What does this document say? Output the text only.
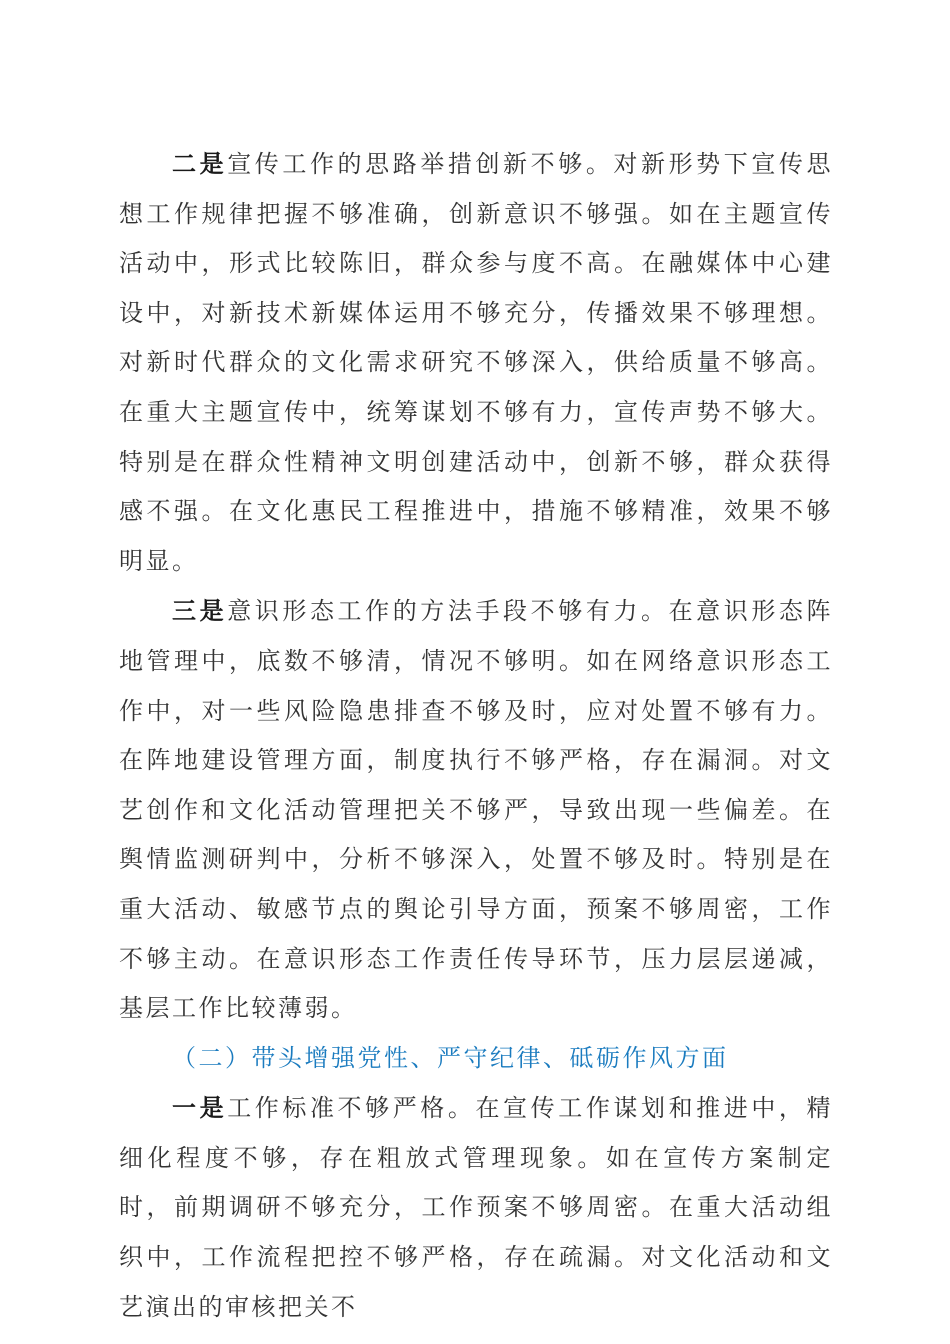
二是宣传工作的思路举措创新不够。对新形势下宣传思想工作规律把握不够准确，创新意识不够强。如在主题宣传活动中，形式比较陈旧，群众参与度不高。在融媒体中心建设中，对新技术新媒体运用不够充分，传播效果不够理想。对新时代群众的文化需求研究不够深入，供给质量不够高。在重大主题宣传中，统筹谋划不够有力，宣传声势不够大。特别是在群众性精神文明创建活动中，创新不够，群众获得感不强。在文化惠民工程推进中，措施不够精准，效果不够明显。

三是意识形态工作的方法手段不够有力。在意识形态阵地管理中，底数不够清，情况不够明。如在网络意识形态工作中，对一些风险隐患排查不够及时，应对处置不够有力。在阵地建设管理方面，制度执行不够严格，存在漏洞。对文艺创作和文化活动管理把关不够严，导致出现一些偏差。在舆情监测研判中，分析不够深入，处置不够及时。特别是在重大活动、敏感节点的舆论引导方面，预案不够周密，工作不够主动。在意识形态工作责任传导环节，压力层层递减，基层工作比较薄弱。

（二）带头增强党性、严守纪律、砥砺作风方面

一是工作标准不够严格。在宣传工作谋划和推进中，精细化程度不够，存在粗放式管理现象。如在宣传方案制定时，前期调研不够充分，工作预案不够周密。在重大活动组织中，工作流程把控不够严格，存在疏漏。对文化活动和文艺演出的审核把关不
